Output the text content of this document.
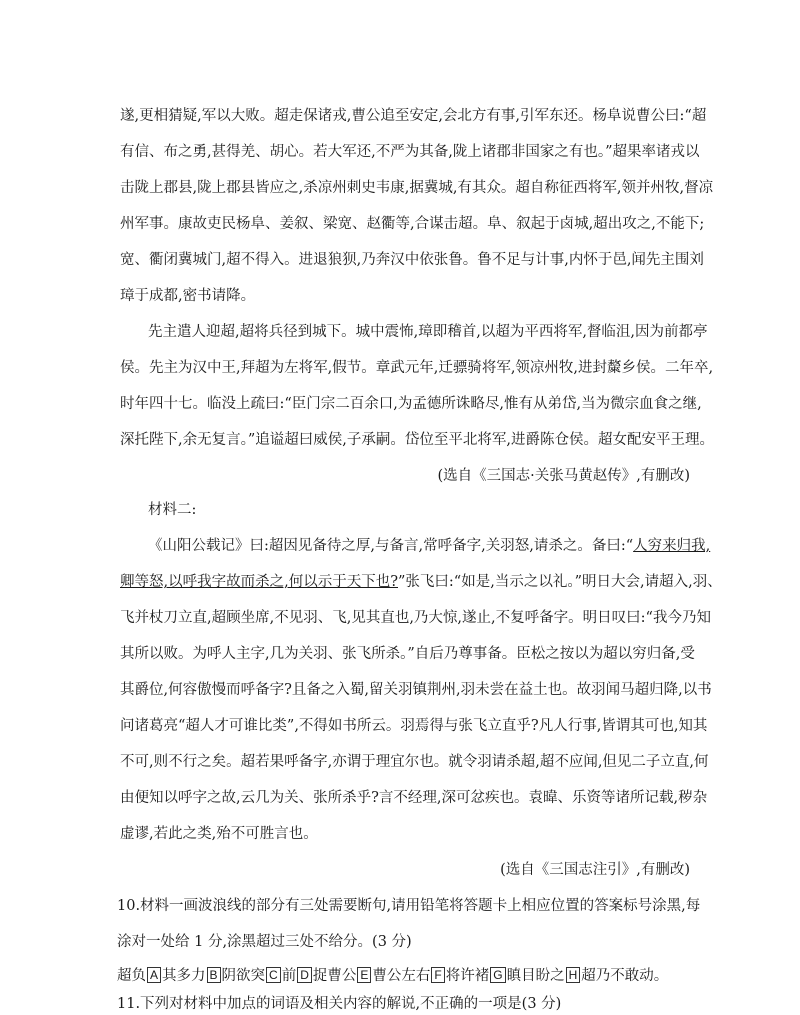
遂,更相猜疑,军以大败。超走保诸戎,曹公追至安定,会北方有事,引军东还。杨阜说曹公曰:“超
有信、布之勇,甚得羌、胡心。若大军还,不严为其备,陇上诸郡非国家之有也。”超果率诸戎以
击陇上郡县,陇上郡县皆应之,杀凉州刺史韦康,据冀城,有其众。超自称征西将军,领并州牧,督凉
州军事。康故吏民杨阜、姜叙、梁宽、赵衢等,合谋击超。阜、叙起于卤城,超出攻之,不能下;
宽、衢闭冀城门,超不得入。进退狼狈,乃奔汉中依张鲁。鲁不足与计事,内怀于邑,闻先主围刘
璋于成都,密书请降。
先主遣人迎超,超将兵径到城下。城中震怖,璋即稽首,以超为平西将军,督临沮,因为前都亭
侯。先主为汉中王,拜超为左将军,假节。章武元年,迁骠骑将军,领凉州牧,进封斄乡侯。二年卒,
时年四十七。临没上疏曰:“臣门宗二百余口,为孟德所诛略尽,惟有从弟岱,当为微宗血食之继,
深托陛下,余无复言。”追谥超曰威侯,子承嗣。岱位至平北将军,进爵陈仓侯。超女配安平王理。
(选自《三国志·关张马黄赵传》,有删改)
材料二:
《山阳公载记》曰:超因见备待之厚,与备言,常呼备字,关羽怒,请杀之。备曰:“人穷来归我,
卿等怒,以呼我字故而杀之,何以示于天下也?”张飞曰:“如是,当示之以礼。”明日大会,请超入,羽、
飞并杖刀立直,超顾坐席,不见羽、飞,见其直也,乃大惊,遂止,不复呼备字。明日叹曰:“我今乃知
其所以败。为呼人主字,几为关羽、张飞所杀。”自后乃尊事备。臣松之按以为超以穷归备,受
其爵位,何容傲慢而呼备字?且备之入蜀,留关羽镇荆州,羽未尝在益土也。故羽闻马超归降,以书
问诸葛亮“超人才可谁比类”,不得如书所云。羽焉得与张飞立直乎?凡人行事,皆谓其可也,知其
不可,则不行之矣。超若果呼备字,亦谓于理宜尔也。就令羽请杀超,超不应闻,但见二子立直,何
由便知以呼字之故,云几为关、张所杀乎?言不经理,深可忿疾也。袁暐、乐资等诸所记载,秽杂
虚谬,若此之类,殆不可胜言也。
(选自《三国志注引》,有删改)
10.材料一画波浪线的部分有三处需要断句,请用铅笔将答题卡上相应位置的答案标号涂黑,每
涂对一处给 1 分,涂黑超过三处不给分。(3 分)
超负 A 其多力 B 阴欲突 C 前 D 捉曹公 E 曹公左右 F 将许褚 G 瞋目盼之 H 超乃不敢动。
11.下列对材料中加点的词语及相关内容的解说,不正确的一项是(3 分)
